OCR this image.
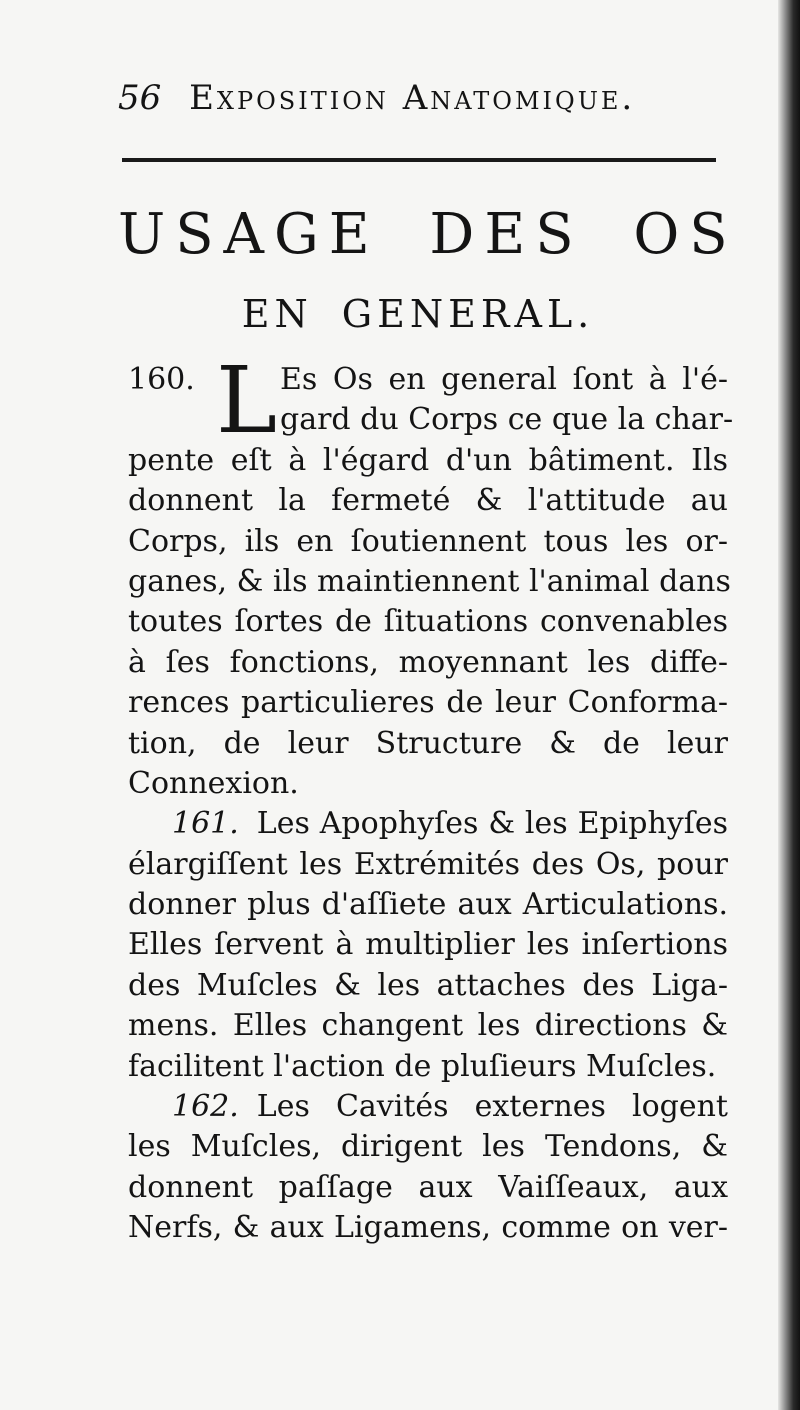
56 Exposition Anatomique.
USAGE DES OS
EN GENERAL.
160. L Es Os en general ſont à l'é-
gard du Corps ce que la char-
pente eſt à l'égard d'un bâtiment. Ils
donnent la fermeté & l'attitude au
Corps, ils en ſoutiennent tous les or-
ganes, & ils maintiennent l'animal dans
toutes ſortes de ſituations convenables
à ſes fonctions, moyennant les diffe-
rences particulieres de leur Conforma-
tion, de leur Structure & de leur
Connexion.
161. Les Apophyſes & les Epiphyſes
élargiſſent les Extrémités des Os, pour
donner plus d'aſſiete aux Articulations.
Elles ſervent à multiplier les inſertions
des Muſcles & les attaches des Liga-
mens. Elles changent les directions &
facilitent l'action de pluſieurs Muſcles.
162. Les Cavités externes logent
les Muſcles, dirigent les Tendons, &
donnent paſſage aux Vaiſſeaux, aux
Nerfs, & aux Ligamens, comme on ver-
